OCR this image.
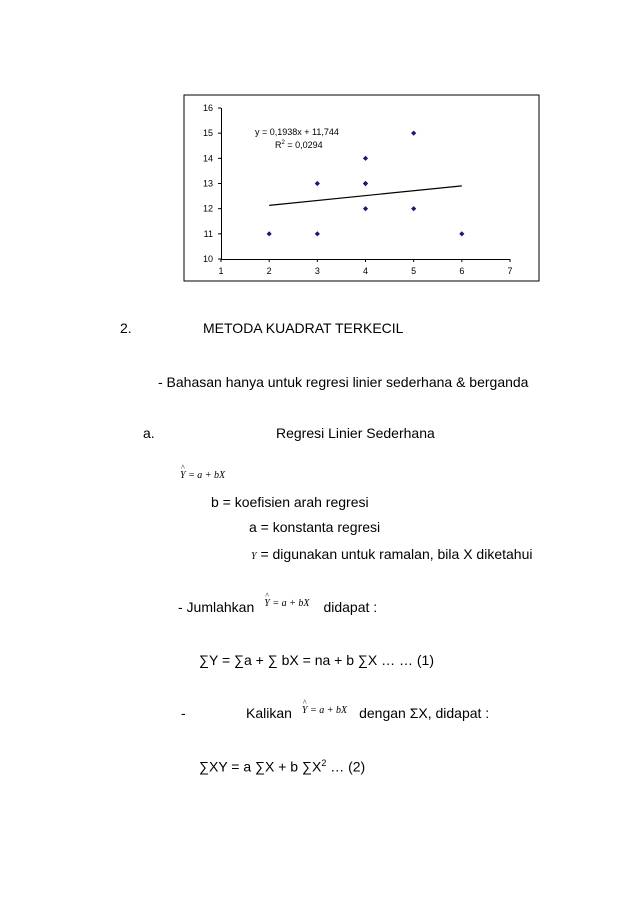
10
11
12
13
14
15
16
1	2	3	4	5	6	7
y = 0,1938x + 11,744
$R^2 = 0,0294$
2.	METODA KUADRAT TERKECIL
- Bahasan hanya untuk regresi linier sederhana & berganda
a.	Regresi Linier Sederhana
^ Y = a + bX
b = koefisien arah regresi
a = konstanta regresi
Y = digunakan untuk ramalan, bila X diketahui
- Jumlahkan ^ $^{Y = a + bX}$ didapat :
∑Y = ∑a + ∑ bX = na + b ∑X … … (1)
-	Kalikan ^ $^{Y = a + bX}$ dengan ΣX, didapat :
∑XY = a ∑X + b $\sum X^2$ … (2)
